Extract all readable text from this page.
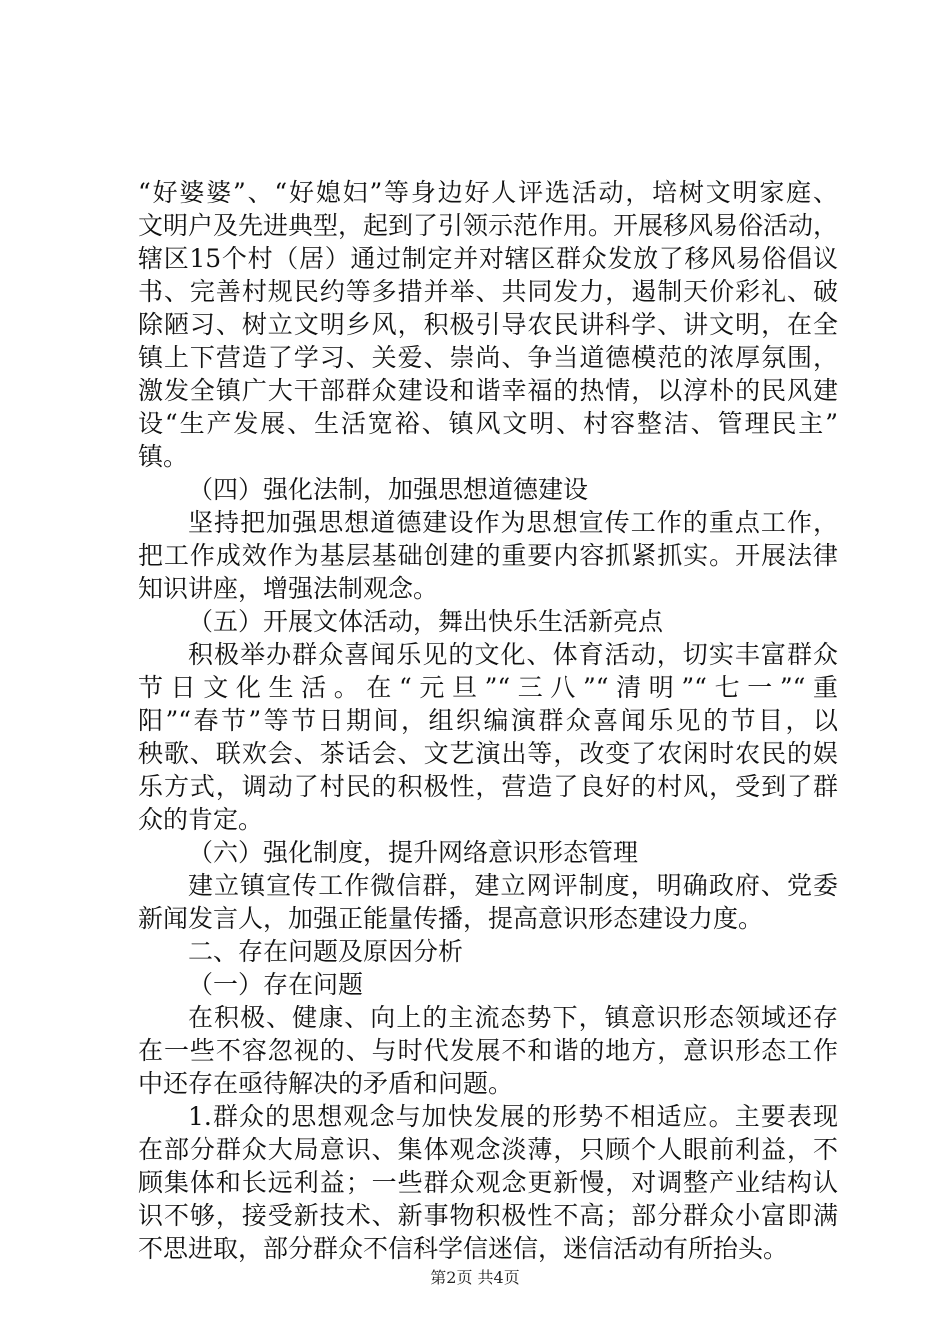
“好婆婆”、“好媳妇”等身边好人评选活动，培树文明家庭、
文明户及先进典型，起到了引领示范作用。开展移风易俗活动，
辖区15个村（居）通过制定并对辖区群众发放了移风易俗倡议
书、完善村规民约等多措并举、共同发力，遏制天价彩礼、破
除陋习、树立文明乡风，积极引导农民讲科学、讲文明，在全
镇上下营造了学习、关爱、崇尚、争当道德模范的浓厚氛围，
激发全镇广大干部群众建设和谐幸福的热情，以淳朴的民风建
设“生产发展、生活宽裕、镇风文明、村容整洁、管理民主”
镇。
（四）强化法制，加强思想道德建设
坚持把加强思想道德建设作为思想宣传工作的重点工作，
把工作成效作为基层基础创建的重要内容抓紧抓实。开展法律
知识讲座，增强法制观念。
（五）开展文体活动，舞出快乐生活新亮点
积极举办群众喜闻乐见的文化、体育活动，切实丰富群众
节日文化生活。在“元旦”“三八”“清明”“七一”“重
阳”“春节”等节日期间，组织编演群众喜闻乐见的节目，以
秧歌、联欢会、茶话会、文艺演出等，改变了农闲时农民的娱
乐方式，调动了村民的积极性，营造了良好的村风，受到了群
众的肯定。
（六）强化制度，提升网络意识形态管理
建立镇宣传工作微信群，建立网评制度，明确政府、党委
新闻发言人，加强正能量传播，提高意识形态建设力度。
二、存在问题及原因分析
（一）存在问题
在积极、健康、向上的主流态势下，镇意识形态领域还存
在一些不容忽视的、与时代发展不和谐的地方，意识形态工作
中还存在亟待解决的矛盾和问题。
1.群众的思想观念与加快发展的形势不相适应。主要表现
在部分群众大局意识、集体观念淡薄，只顾个人眼前利益，不
顾集体和长远利益；一些群众观念更新慢，对调整产业结构认
识不够，接受新技术、新事物积极性不高；部分群众小富即满
不思进取，部分群众不信科学信迷信，迷信活动有所抬头。
第2页 共4页
